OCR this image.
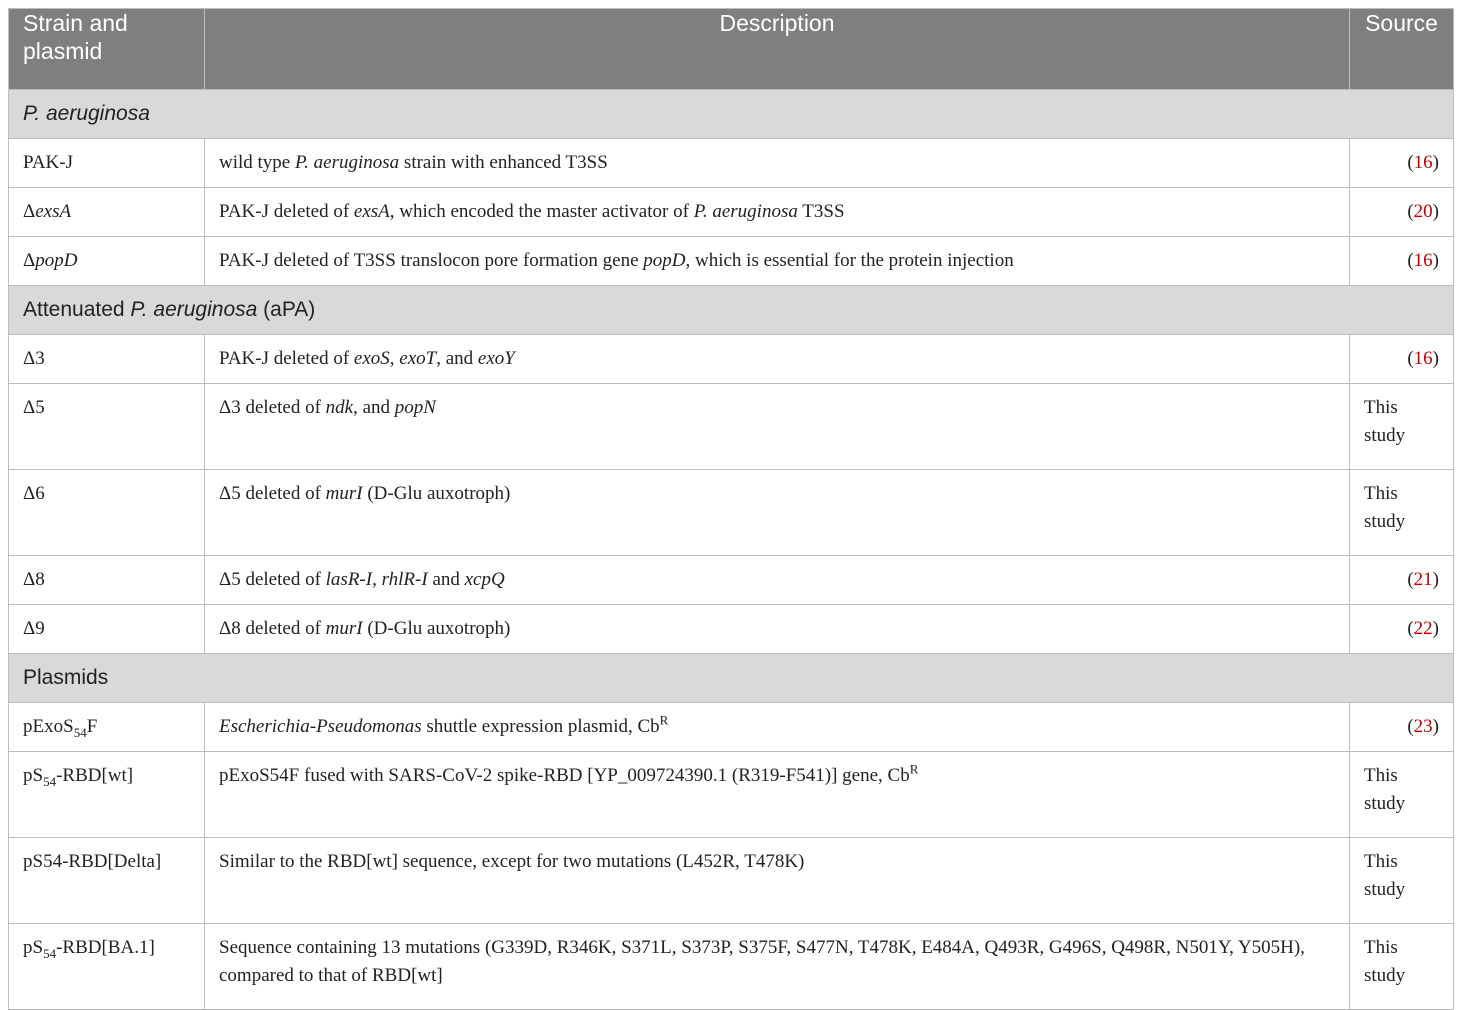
Strain and plasmid	Description	Source
P. aeruginosa		
PAK-J	wild type P. aeruginosa strain with enhanced T3SS	(16)
ΔexsA	PAK-J deleted of exsA, which encoded the master activator of P. aeruginosa T3SS	(20)
ΔpopD	PAK-J deleted of T3SS translocon pore formation gene popD, which is essential for the protein injection	(16)
Attenuated P. aeruginosa (aPA)		
Δ3	PAK-J deleted of exoS, exoT, and exoY	(16)
Δ5	Δ3 deleted of ndk, and popN	This study
Δ6	Δ5 deleted of murI (D-Glu auxotroph)	This study
Δ8	Δ5 deleted of lasR-I, rhlR-I and xcpQ	(21)
Δ9	Δ8 deleted of murI (D-Glu auxotroph)	(22)
Plasmids		
pExoS$_{54}$F	Escherichia-Pseudomonas shuttle expression plasmid, $Cb^R$	(23)
$pS_{54}-RBD[wt]$	pExoS54F fused with SARS-CoV-2 spike-RBD [YP_009724390.1 (R319-F541)] gene, $Cb^R$	This study
pS54-RBD[Delta]	Similar to the RBD[wt] sequence, except for two mutations (L452R, T478K)	This study
$pS_{54}-RBD[BA.1]$	Sequence containing 13 mutations (G339D, R346K, S371L, S373P, S375F, S477N, T478K, E484A, Q493R, G496S, Q498R, N501Y, Y505H), compared to that of RBD[wt]	This study
